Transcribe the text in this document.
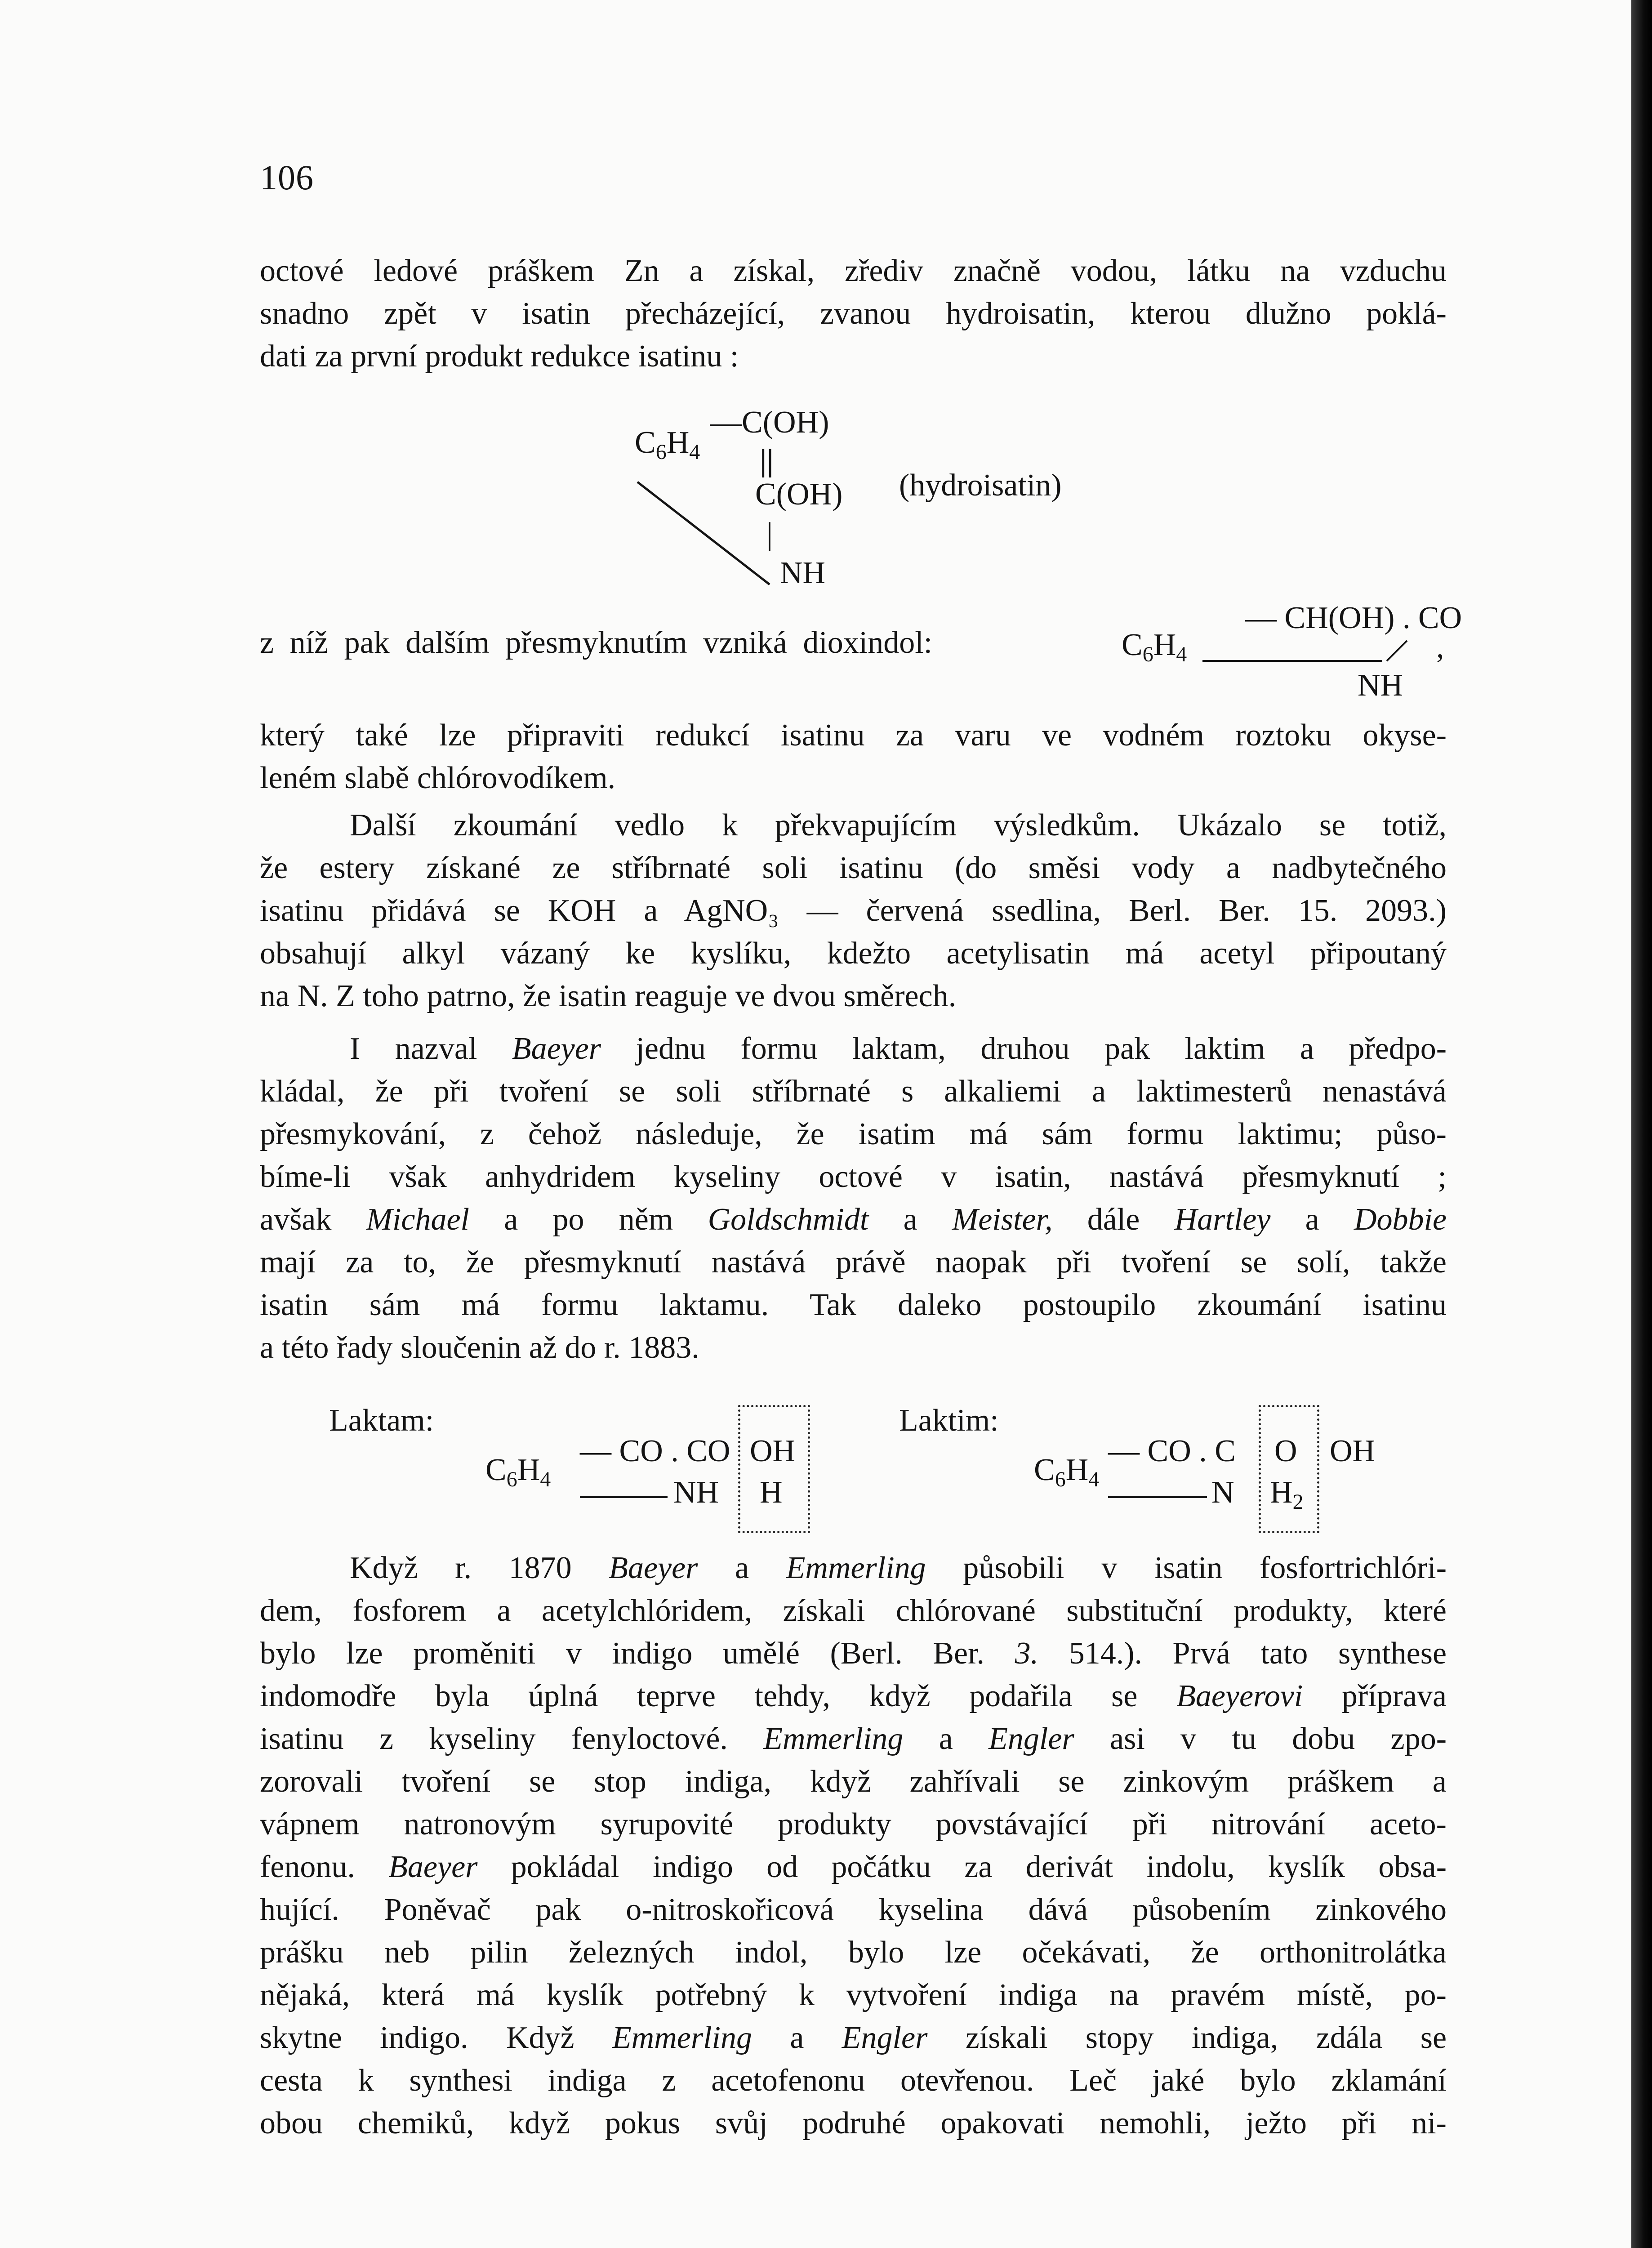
106
octové ledové práškem Zn a získal, zřediv značně vodou, látku na vzduchu
snadno zpět v isatin přecházející, zvanou hydroisatin, kterou dlužno poklá-
dati za první produkt redukce isatinu :
$C_6H_4$
—C(OH)
||
C(OH)
|
NH
(hydroisatin)
z níž pak dalším přesmyknutím vzniká dioxindol:	$C_6H_4$
— CH(OH) . CO
NH
,
který také lze připraviti redukcí isatinu za varu ve vodném roztoku okyse-
leném slabě chlórovodíkem.
Další zkoumání vedlo k překvapujícím výsledkům. Ukázalo se totiž,
že estery získané ze stříbrnaté soli isatinu (do směsi vody a nadbytečného
isatinu přidává se KOH a AgNO₃ — červená ssedlina, Berl. Ber. 15. 2093.)
obsahují alkyl vázaný ke kyslíku, kdežto acetylisatin má acetyl připoutaný
na N. Z toho patrno, že isatin reaguje ve dvou směrech.
I nazval Baeyer jednu formu laktam, druhou pak laktim a předpo-
kládal, že při tvoření se soli stříbrnaté s alkaliemi a laktimesterů nenastává
přesmykování, z čehož následuje, že isatim má sám formu laktimu; půso-
bíme-li však anhydridem kyseliny octové v isatin, nastává přesmyknutí ;
avšak Michael a po něm Goldschmidt a Meister, dále Hartley a Dobbie
mají za to, že přesmyknutí nastává právě naopak při tvoření se solí, takže
isatin sám má formu laktamu. Tak daleko postoupilo zkoumání isatinu
a této řady sloučenin až do r. 1883.
Laktam:
$C_6H_4$
— CO . CO
NH
OH
H
Laktim:
$C_6H_4$
— CO . C
N
O
$H_2$
OH
Když r. 1870 Baeyer a Emmerling působili v isatin fosfortrichlóri-
dem, fosforem a acetylchlóridem, získali chlórované substituční produkty, které
bylo lze proměniti v indigo umělé (Berl. Ber. 3. 514.). Prvá tato synthese
indomodře byla úplná teprve tehdy, když podařila se Baeyerovi příprava
isatinu z kyseliny fenyloctové. Emmerling a Engler asi v tu dobu zpo-
zorovali tvoření se stop indiga, když zahřívali se zinkovým práškem a
vápnem natronovým syrupovité produkty povstávající při nitrování aceto-
fenonu. Baeyer pokládal indigo od počátku za derivát indolu, kyslík obsa-
hující. Poněvač pak o-nitroskořicová kyselina dává působením zinkového
prášku neb pilin železných indol, bylo lze očekávati, že orthonitrolátka
nějaká, která má kyslík potřebný k vytvoření indiga na pravém místě, po-
skytne indigo. Když Emmerling a Engler získali stopy indiga, zdála se
cesta k synthesi indiga z acetofenonu otevřenou. Leč jaké bylo zklamání
obou chemiků, když pokus svůj podruhé opakovati nemohli, ježto při ni-
